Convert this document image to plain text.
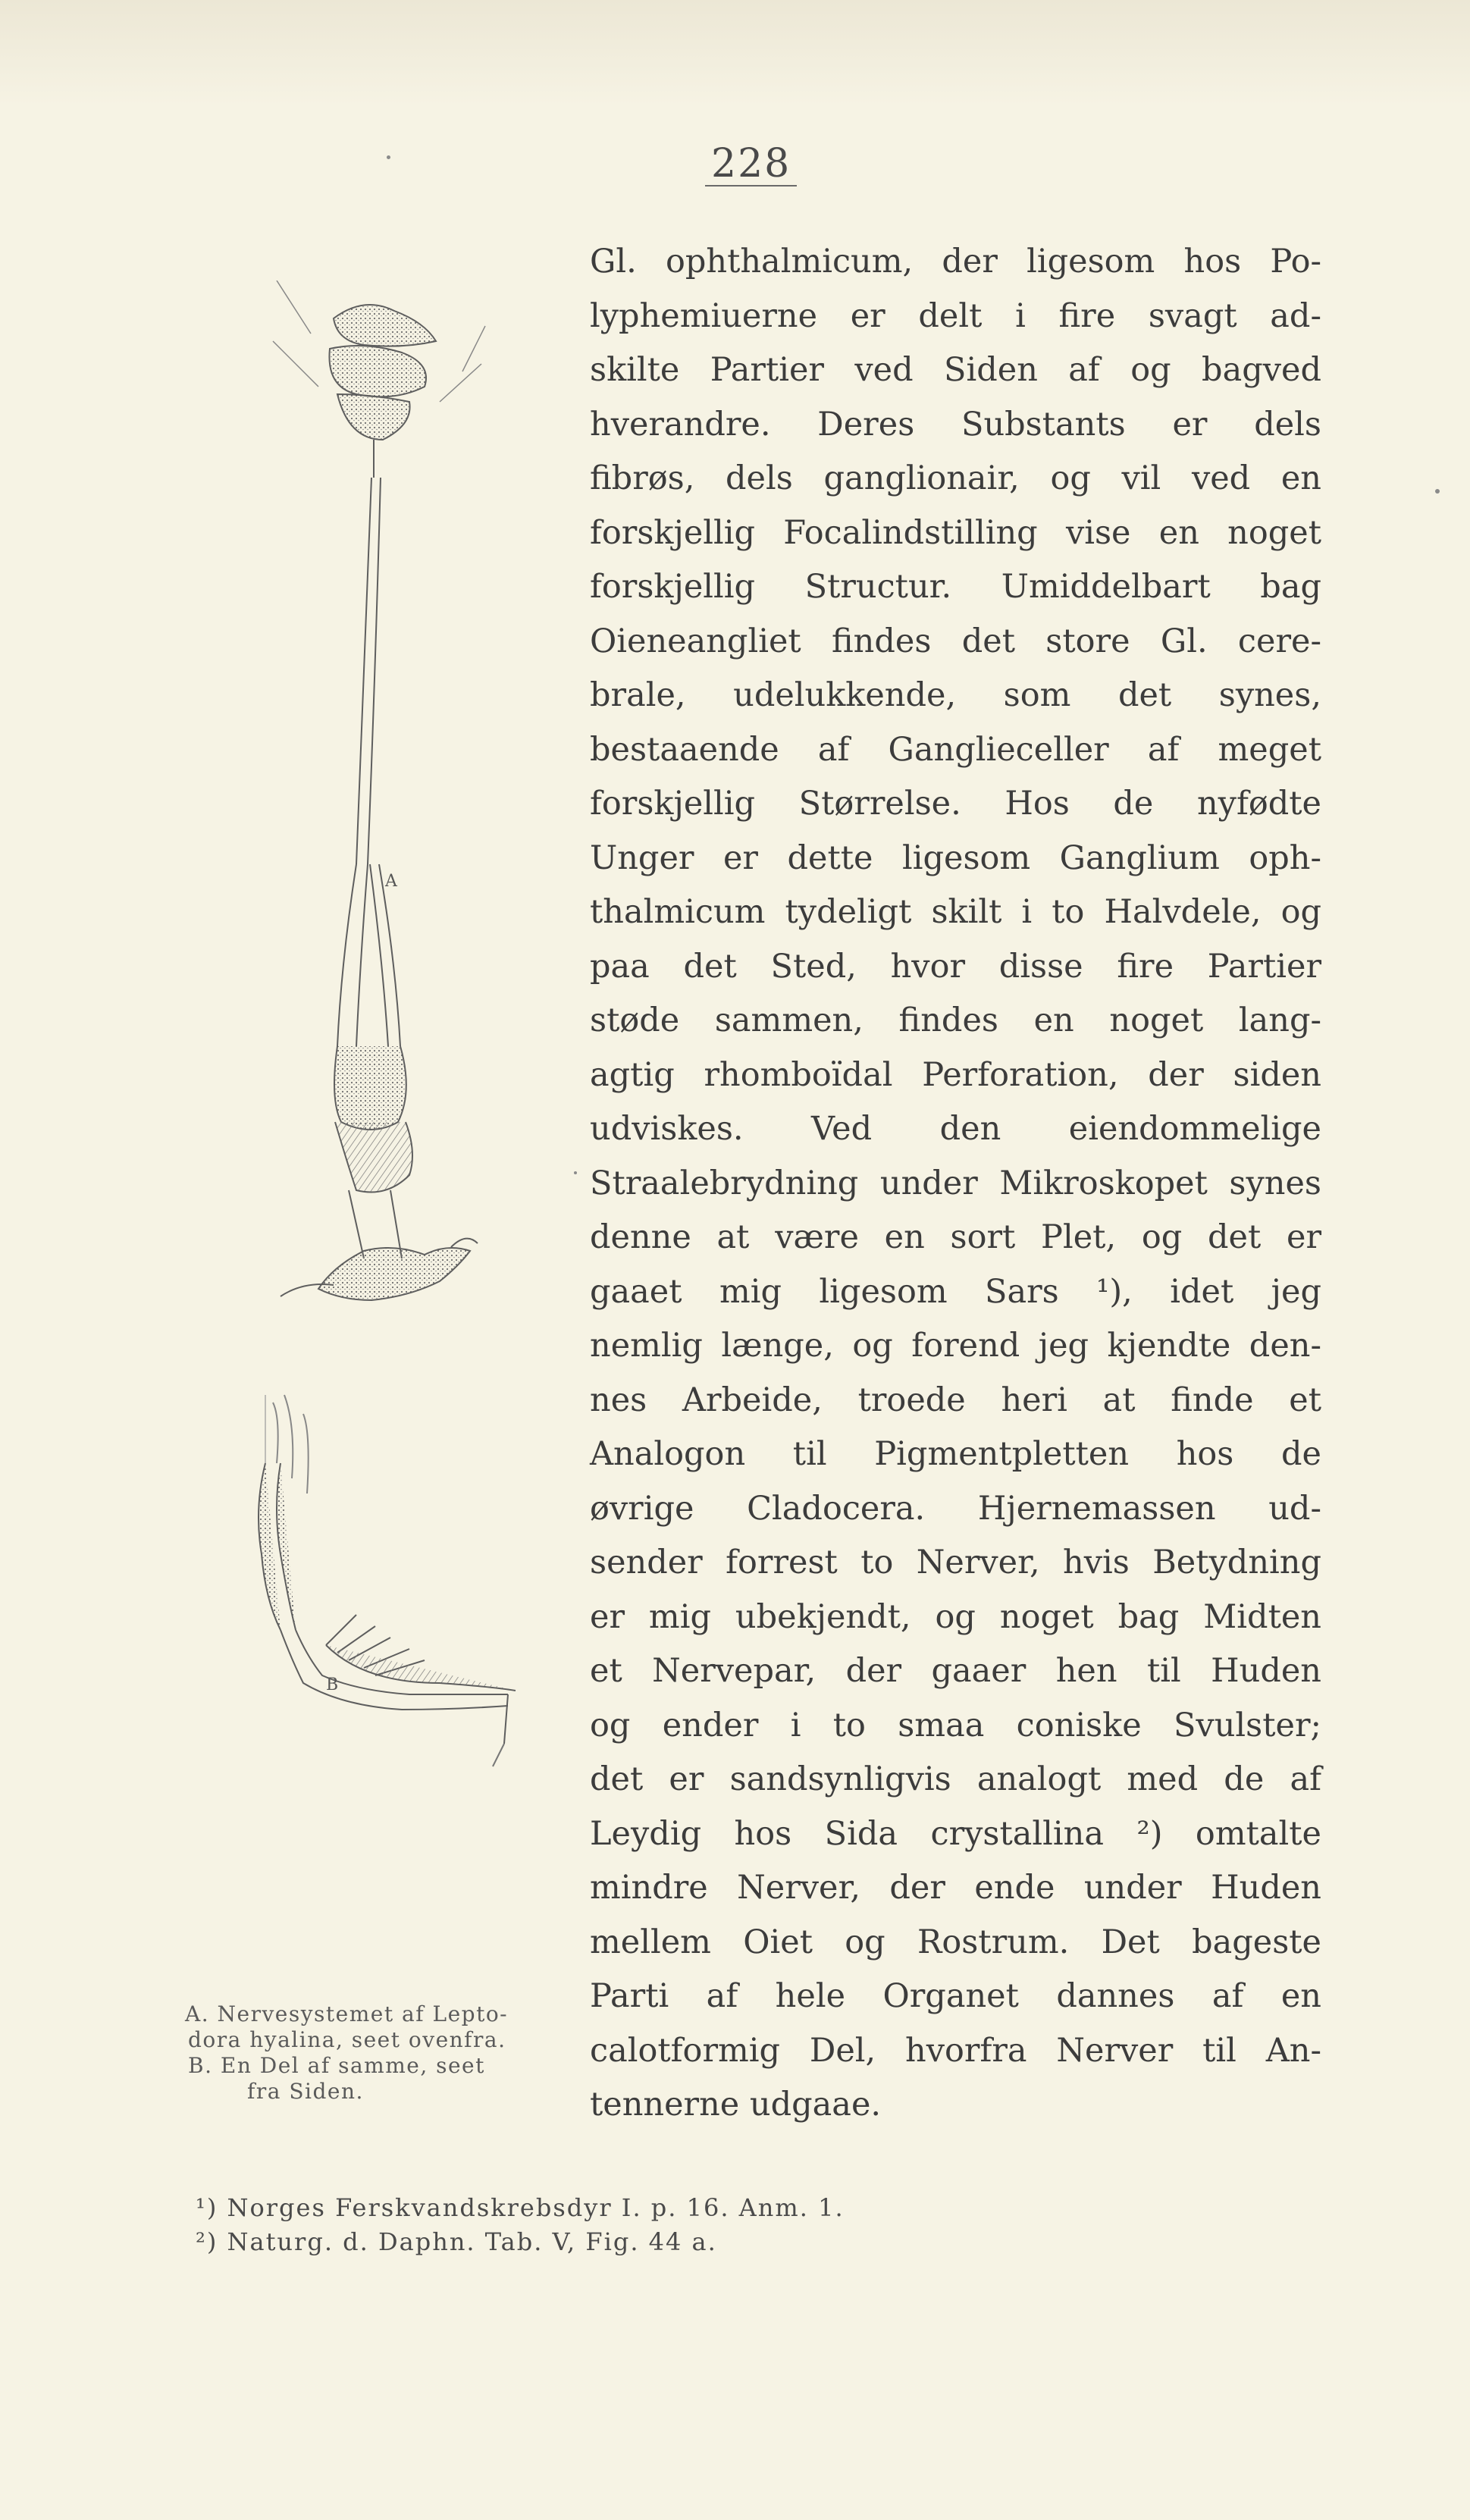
228
A
B
Gl. ophthalmicum, der ligesom hos Po-
lyphemiuerne er delt i fire svagt ad-
skilte Partier ved Siden af og bagved
hverandre. Deres Substants er dels
fibrøs, dels ganglionair, og vil ved en
forskjellig Focalindstilling vise en noget
forskjellig Structur. Umiddelbart bag
Oieneangliet findes det store Gl. cere-
brale, udelukkende, som det synes,
bestaaende af Ganglieceller af meget
forskjellig Størrelse. Hos de nyfødte
Unger er dette ligesom Ganglium oph-
thalmicum tydeligt skilt i to Halvdele, og
paa det Sted, hvor disse fire Partier
støde sammen, findes en noget lang-
agtig rhomboïdal Perforation, der siden
udviskes. Ved den eiendommelige
Straalebrydning under Mikroskopet synes
denne at være en sort Plet, og det er
gaaet mig ligesom Sars ¹), idet jeg
nemlig længe, og forend jeg kjendte den-
nes Arbeide, troede heri at finde et
Analogon til Pigmentpletten hos de
øvrige Cladocera. Hjernemassen ud-
sender forrest to Nerver, hvis Betydning
er mig ubekjendt, og noget bag Midten
et Nervepar, der gaaer hen til Huden
og ender i to smaa coniske Svulster;
det er sandsynligvis analogt med de af
Leydig hos Sida crystallina ²) omtalte
mindre Nerver, der ende under Huden
mellem Oiet og Rostrum. Det bageste
Parti af hele Organet dannes af en
calotformig Del, hvorfra Nerver til An-
tennerne udgaae.
A. Nervesystemet af Lepto-
dora hyalina, seet ovenfra.
B. En Del af samme, seet
fra Siden.
¹) Norges Ferskvandskrebsdyr I. p. 16. Anm. 1.
²) Naturg. d. Daphn. Tab. V, Fig. 44 a.
